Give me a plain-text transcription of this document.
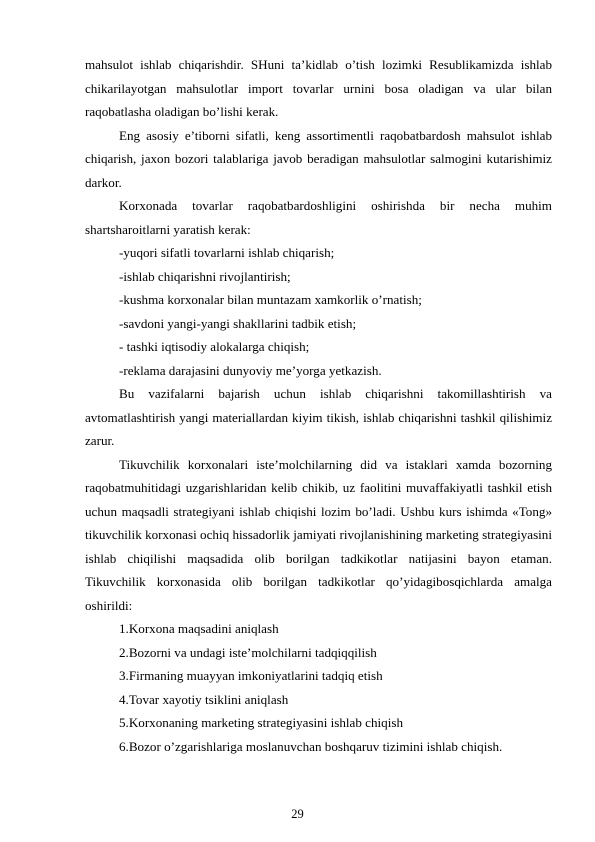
mahsulot ishlab chiqarishdir. SHuni ta’kidlab o’tish lozimki Resublikamizda ishlab chikarilayotgan mahsulotlar import tovarlar urnini bosa oladigan va ular bilan raqobatlasha oladigan bo’lishi kerak.

Eng asosiy e’tiborni sifatli, keng assortimentli raqobatbardosh mahsulot ishlab chiqarish, jaxon bozori talablariga javob beradigan mahsulotlar salmogini kutarishimiz darkor.

Korxonada tovarlar raqobatbardoshligini oshirishda bir necha muhim shartsharoitlarni yaratish kerak:

-yuqori sifatli tovarlarni ishlab chiqarish;

-ishlab chiqarishni rivojlantirish;

-kushma korxonalar bilan muntazam xamkorlik o’rnatish;

-savdoni yangi-yangi shakllarini tadbik etish;

- tashki iqtisodiy alokalarga chiqish;

-reklama darajasini dunyoviy me’yorga yetkazish.

Bu vazifalarni bajarish uchun ishlab chiqarishni takomillashtirish va avtomatlashtirish yangi materiallardan kiyim tikish, ishlab chiqarishni tashkil qilishimiz zarur.

Tikuvchilik korxonalari iste’molchilarning did va istaklari xamda bozorning raqobatmuhitidagi uzgarishlaridan kelib chikib, uz faolitini muvaffakiyatli tashkil etish uchun maqsadli strategiyani ishlab chiqishi lozim bo’ladi. Ushbu kurs ishimda «Tong» tikuvchilik korxonasi ochiq hissadorlik jamiyati rivojlanishining marketing strategiyasini ishlab chiqilishi maqsadida olib borilgan tadkikotlar natijasini bayon etaman. Tikuvchilik korxonasida olib borilgan tadkikotlar qo’yidagibosqichlarda amalga oshirildi:

1.Korxona maqsadini aniqlash

2.Bozorni va undagi iste’molchilarni tadqiqqilish

3.Firmaning muayyan imkoniyatlarini tadqiq etish

4.Tovar xayotiy tsiklini aniqlash

5.Korxonaning marketing strategiyasini ishlab chiqish

6.Bozor o’zgarishlariga moslanuvchan boshqaruv tizimini ishlab chiqish.

29
